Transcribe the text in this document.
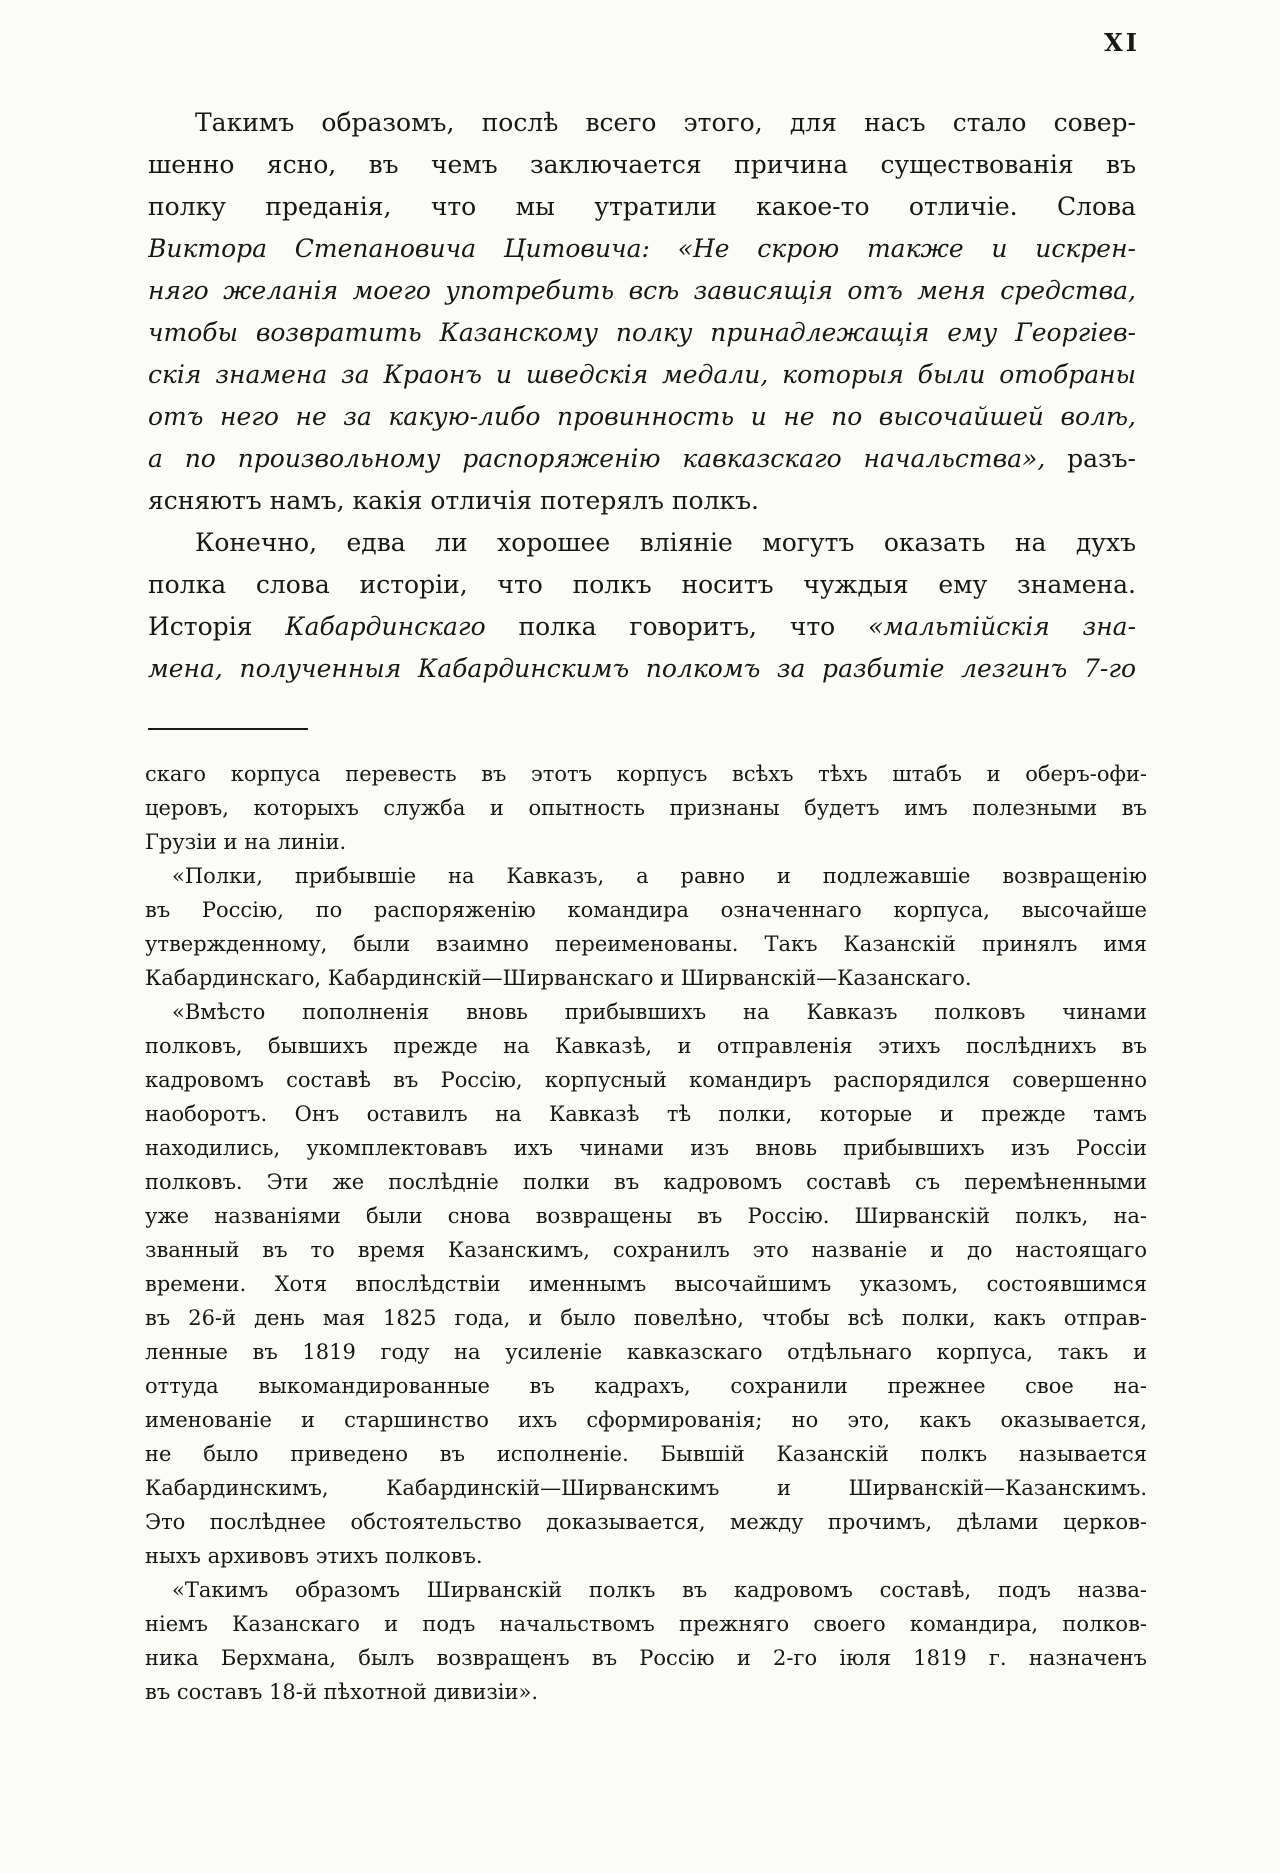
XI
Такимъ образомъ, послѣ всего этого, для насъ стало совер-
шенно ясно, въ чемъ заключается причина существованія въ
полку преданія, что мы утратили какое-то отличіе. Слова
Виктора Степановича Цитовича: «Не скрою также и искрен-
няго желанія моего употребить всѣ зависящія отъ меня средства,
чтобы возвратить Казанскому полку принадлежащія ему Георгіев-
скія знамена за Краонъ и шведскія медали, которыя были отобраны
отъ него не за какую-либо провинность и не по высочайшей волѣ,
а по произвольному распоряженію кавказскаго начальства», разъ-
ясняютъ намъ, какія отличія потерялъ полкъ.
Конечно, едва ли хорошее вліяніе могутъ оказать на духъ
полка слова исторіи, что полкъ носитъ чуждыя ему знамена.
Исторія Кабардинскаго полка говоритъ, что «мальтійскія зна-
мена, полученныя Кабардинскимъ полкомъ за разбитіе лезгинъ 7-го
скаго корпуса перевесть въ этотъ корпусъ всѣхъ тѣхъ штабъ и оберъ-офи-
церовъ, которыхъ служба и опытность признаны будетъ имъ полезными въ
Грузіи и на линіи.
«Полки, прибывшіе на Кавказъ, а равно и подлежавшіе возвращенію
въ Россію, по распоряженію командира означеннаго корпуса, высочайше
утвержденному, были взаимно переименованы. Такъ Казанскій принялъ имя
Кабардинскаго, Кабардинскій—Ширванскаго и Ширванскій—Казанскаго.
«Вмѣсто пополненія вновь прибывшихъ на Кавказъ полковъ чинами
полковъ, бывшихъ прежде на Кавказѣ, и отправленія этихъ послѣднихъ въ
кадровомъ составѣ въ Россію, корпусный командиръ распорядился совершенно
наоборотъ. Онъ оставилъ на Кавказѣ тѣ полки, которые и прежде тамъ
находились, укомплектовавъ ихъ чинами изъ вновь прибывшихъ изъ Россіи
полковъ. Эти же послѣдніе полки въ кадровомъ составѣ съ перемѣненными
уже названіями были снова возвращены въ Россію. Ширванскій полкъ, на-
званный въ то время Казанскимъ, сохранилъ это названіе и до настоящаго
времени. Хотя впослѣдствіи именнымъ высочайшимъ указомъ, состоявшимся
въ 26-й день мая 1825 года, и было повелѣно, чтобы всѣ полки, какъ отправ-
ленные въ 1819 году на усиленіе кавказскаго отдѣльнаго корпуса, такъ и
оттуда выкомандированные въ кадрахъ, сохранили прежнее свое на-
именованіе и старшинство ихъ сформированія; но это, какъ оказывается,
не было приведено въ исполненіе. Бывшій Казанскій полкъ называется
Кабардинскимъ, Кабардинскій—Ширванскимъ и Ширванскій—Казанскимъ.
Это послѣднее обстоятельство доказывается, между прочимъ, дѣлами церков-
ныхъ архивовъ этихъ полковъ.
«Такимъ образомъ Ширванскій полкъ въ кадровомъ составѣ, подъ назва-
ніемъ Казанскаго и подъ начальствомъ прежняго своего командира, полков-
ника Берхмана, былъ возвращенъ въ Россію и 2-го іюля 1819 г. назначенъ
въ составъ 18-й пѣхотной дивизіи».
